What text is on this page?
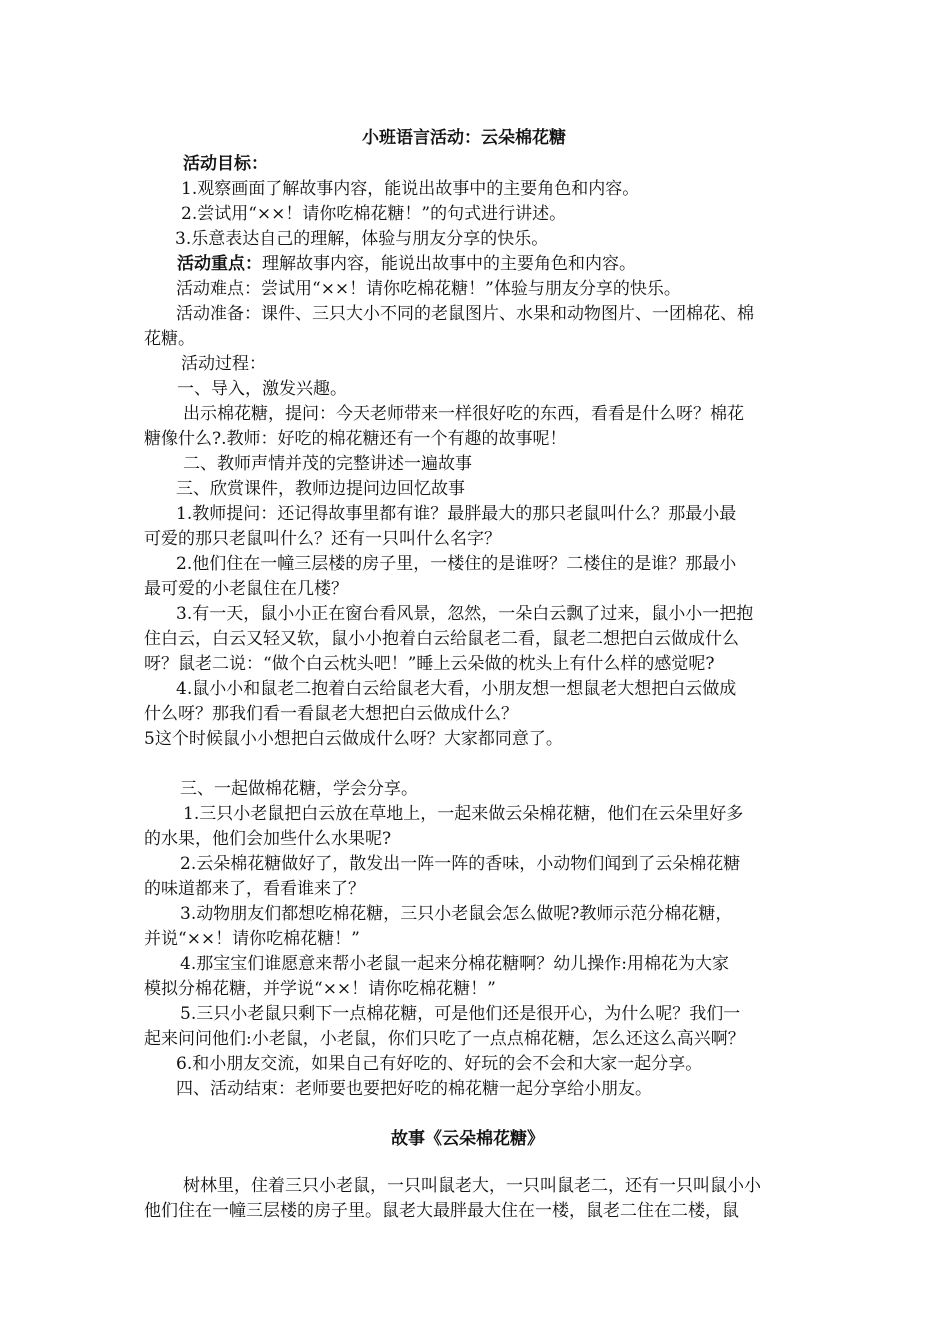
小班语言活动：云朵棉花糖
活动目标：
1.观察画面了解故事内容，能说出故事中的主要角色和内容。
2.尝试用“××！请你吃棉花糖！”的句式进行讲述。
3.乐意表达自己的理解，体验与朋友分享的快乐。
活动重点：理解故事内容，能说出故事中的主要角色和内容。
活动难点：尝试用“××！请你吃棉花糖！”体验与朋友分享的快乐。
活动准备：课件、三只大小不同的老鼠图片、水果和动物图片、一团棉花、棉
花糖。
活动过程：
一、导入，激发兴趣。
出示棉花糖，提问：今天老师带来一样很好吃的东西，看看是什么呀？棉花
糖像什么?.教师：好吃的棉花糖还有一个有趣的故事呢！
二、教师声情并茂的完整讲述一遍故事
三、欣赏课件，教师边提问边回忆故事
1.教师提问：还记得故事里都有谁？最胖最大的那只老鼠叫什么？那最小最
可爱的那只老鼠叫什么？还有一只叫什么名字？
2.他们住在一幢三层楼的房子里，一楼住的是谁呀？二楼住的是谁？那最小
最可爱的小老鼠住在几楼？
3.有一天，鼠小小正在窗台看风景，忽然，一朵白云飘了过来，鼠小小一把抱
住白云，白云又轻又软，鼠小小抱着白云给鼠老二看，鼠老二想把白云做成什么
呀？鼠老二说：“做个白云枕头吧！”睡上云朵做的枕头上有什么样的感觉呢?
4.鼠小小和鼠老二抱着白云给鼠老大看，小朋友想一想鼠老大想把白云做成
什么呀？那我们看一看鼠老大想把白云做成什么？
5这个时候鼠小小想把白云做成什么呀？大家都同意了。
三、一起做棉花糖，学会分享。
1.三只小老鼠把白云放在草地上，一起来做云朵棉花糖，他们在云朵里好多
的水果，他们会加些什么水果呢?
2.云朵棉花糖做好了，散发出一阵一阵的香味，小动物们闻到了云朵棉花糖
的味道都来了，看看谁来了？
3.动物朋友们都想吃棉花糖，三只小老鼠会怎么做呢?教师示范分棉花糖，
并说“××！请你吃棉花糖！”
4.那宝宝们谁愿意来帮小老鼠一起来分棉花糖啊？幼儿操作:用棉花为大家
模拟分棉花糖，并学说“××！请你吃棉花糖！”
5.三只小老鼠只剩下一点棉花糖，可是他们还是很开心，为什么呢？我们一
起来问问他们:小老鼠，小老鼠，你们只吃了一点点棉花糖，怎么还这么高兴啊？
6.和小朋友交流，如果自己有好吃的、好玩的会不会和大家一起分享。
四、活动结束：老师要也要把好吃的棉花糖一起分享给小朋友。
故事《云朵棉花糖》
树林里，住着三只小老鼠，一只叫鼠老大，一只叫鼠老二，还有一只叫鼠小小
他们住在一幢三层楼的房子里。鼠老大最胖最大住在一楼，鼠老二住在二楼，鼠
